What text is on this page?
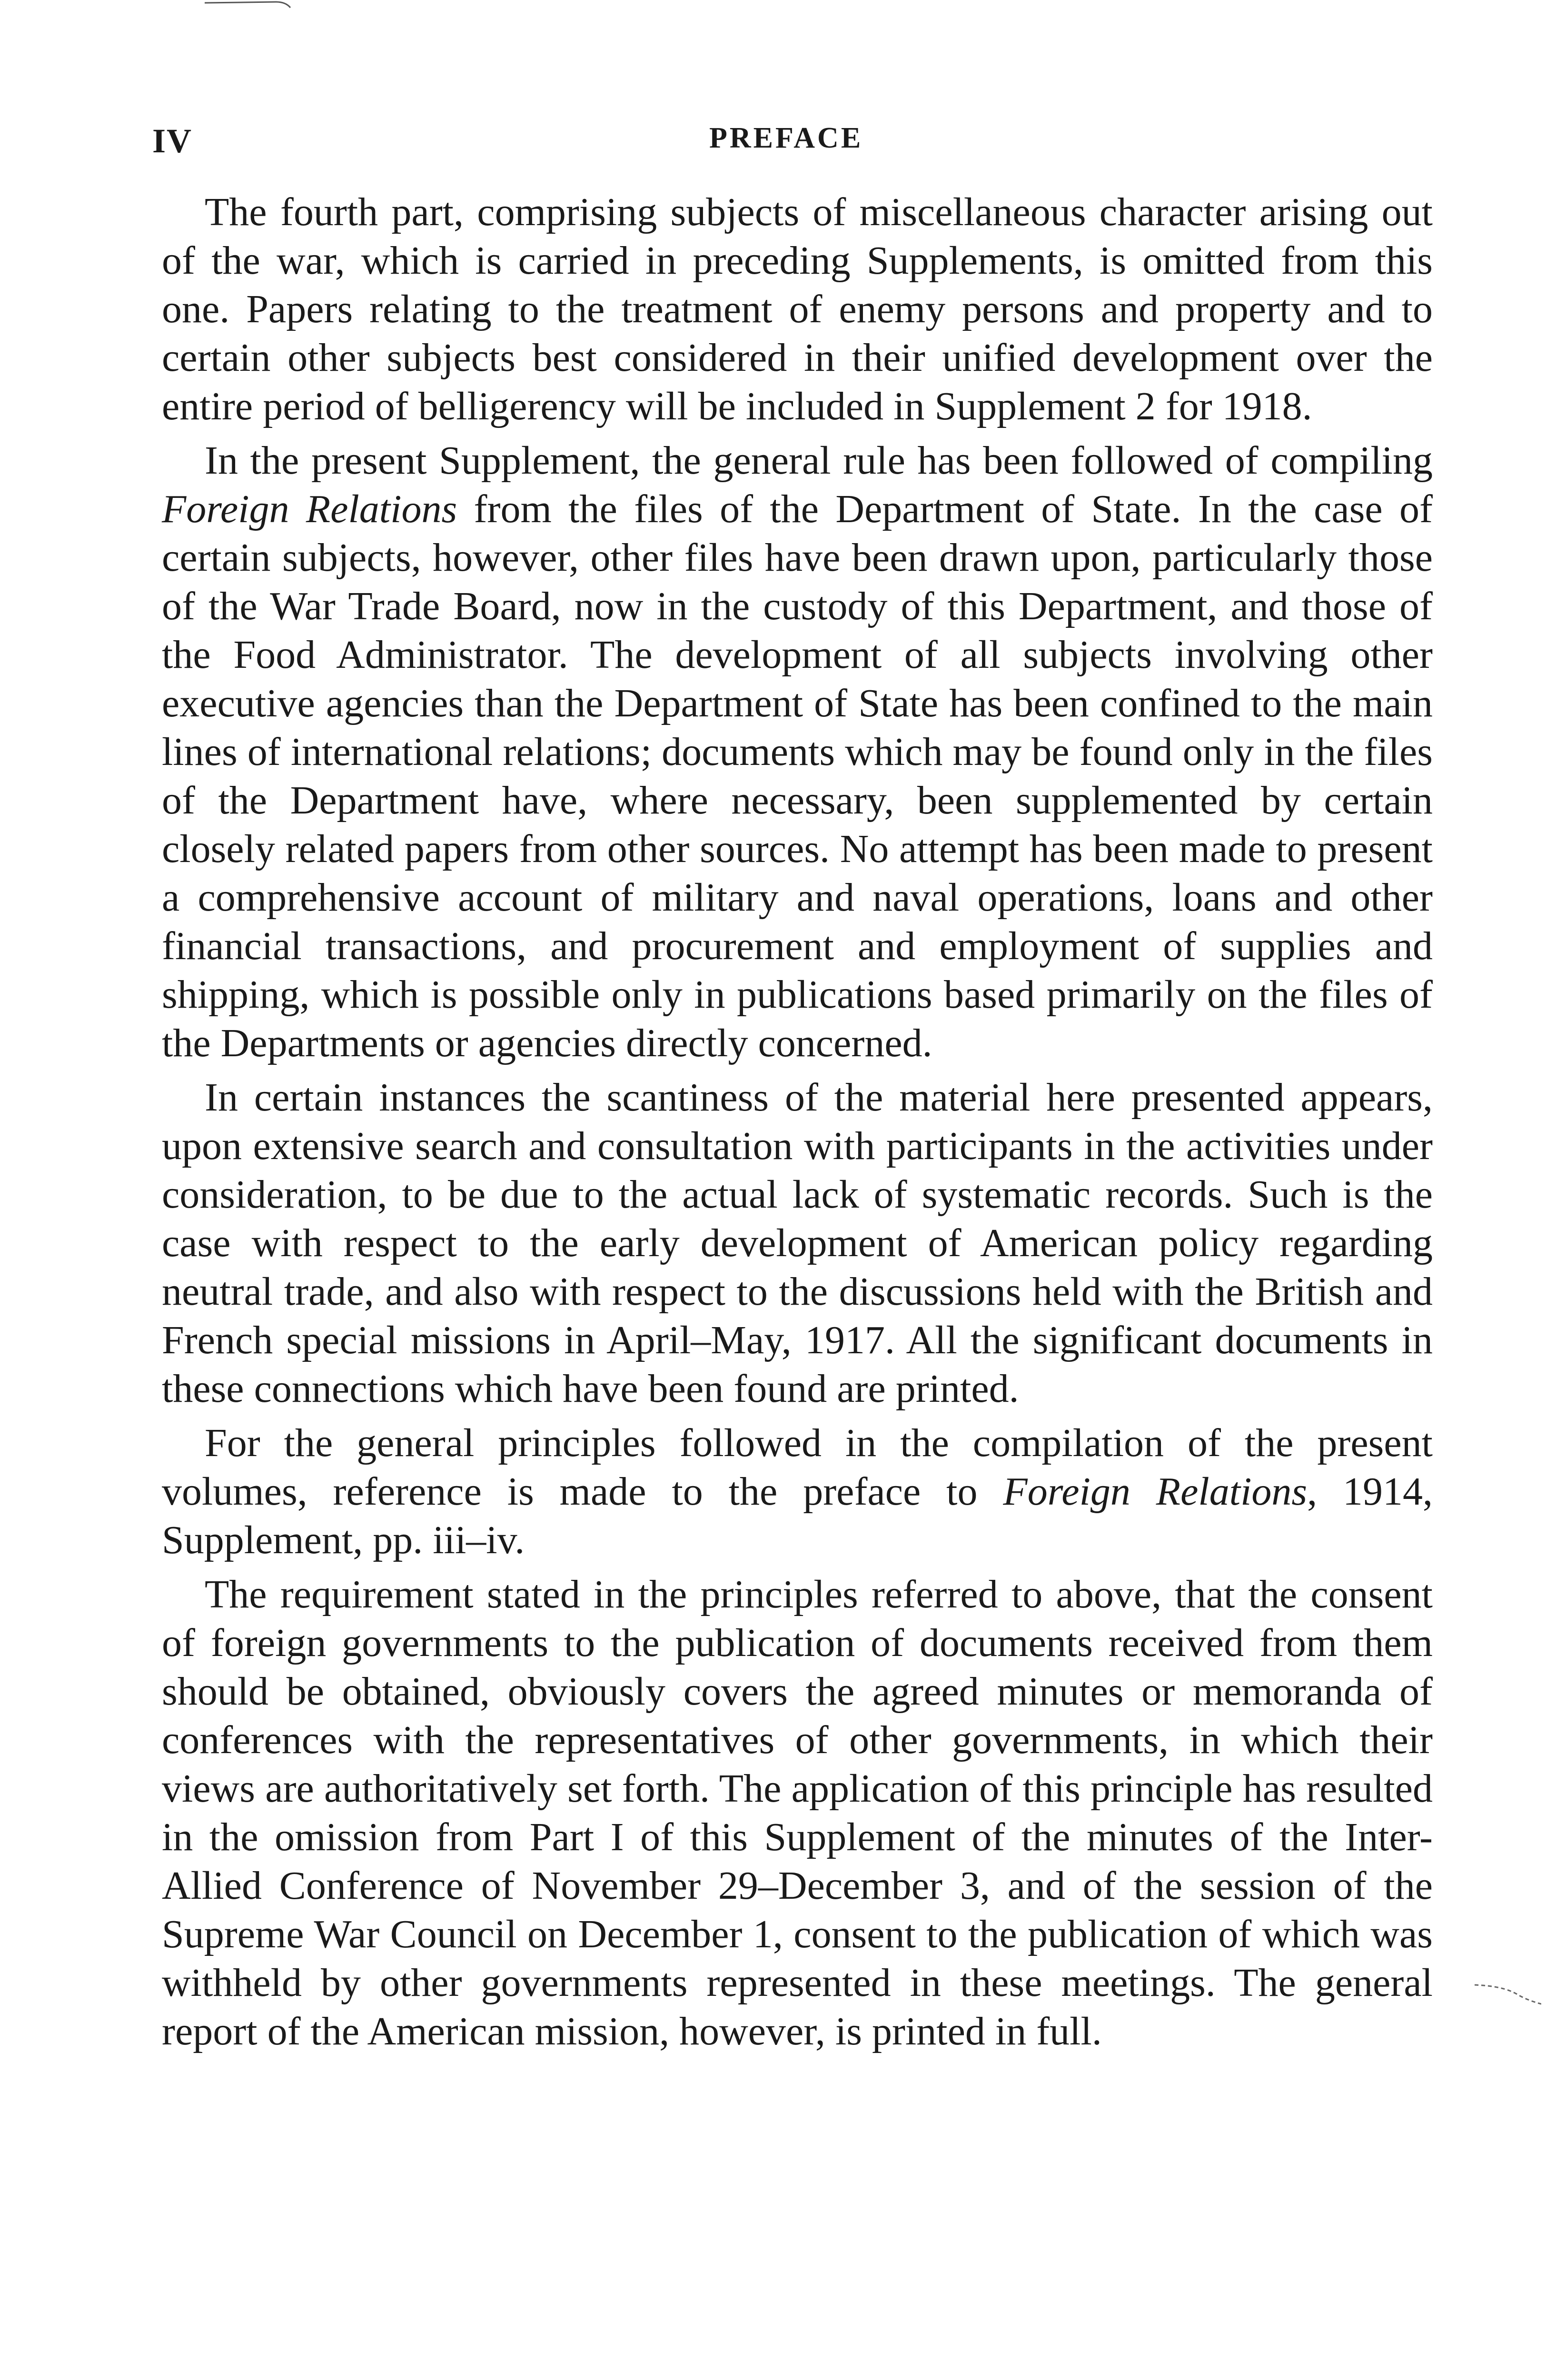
IV	PREFACE

The fourth part, comprising subjects of miscellaneous character arising out of the war, which is carried in preceding Supplements, is omitted from this one. Papers relating to the treatment of enemy persons and property and to certain other subjects best considered in their unified development over the entire period of belligerency will be included in Supplement 2 for 1918.

In the present Supplement, the general rule has been followed of compiling Foreign Relations from the files of the Department of State. In the case of certain subjects, however, other files have been drawn upon, particularly those of the War Trade Board, now in the custody of this Department, and those of the Food Administrator. The development of all subjects involving other executive agencies than the Department of State has been confined to the main lines of international relations; documents which may be found only in the files of the Department have, where necessary, been supplemented by certain closely related papers from other sources. No attempt has been made to present a comprehensive account of military and naval operations, loans and other financial transactions, and procurement and employment of supplies and shipping, which is possible only in publications based primarily on the files of the Departments or agencies directly concerned.

In certain instances the scantiness of the material here presented appears, upon extensive search and consultation with participants in the activities under consideration, to be due to the actual lack of systematic records. Such is the case with respect to the early development of American policy regarding neutral trade, and also with respect to the discussions held with the British and French special missions in April–May, 1917. All the significant documents in these connections which have been found are printed.

For the general principles followed in the compilation of the present volumes, reference is made to the preface to Foreign Relations, 1914, Supplement, pp. iii–iv.

The requirement stated in the principles referred to above, that the consent of foreign governments to the publication of documents received from them should be obtained, obviously covers the agreed minutes or memoranda of conferences with the representatives of other governments, in which their views are authoritatively set forth. The application of this principle has resulted in the omission from Part I of this Supplement of the minutes of the Inter-Allied Conference of November 29–December 3, and of the session of the Supreme War Council on December 1, consent to the publication of which was withheld by other governments represented in these meetings. The general report of the American mission, however, is printed in full.
